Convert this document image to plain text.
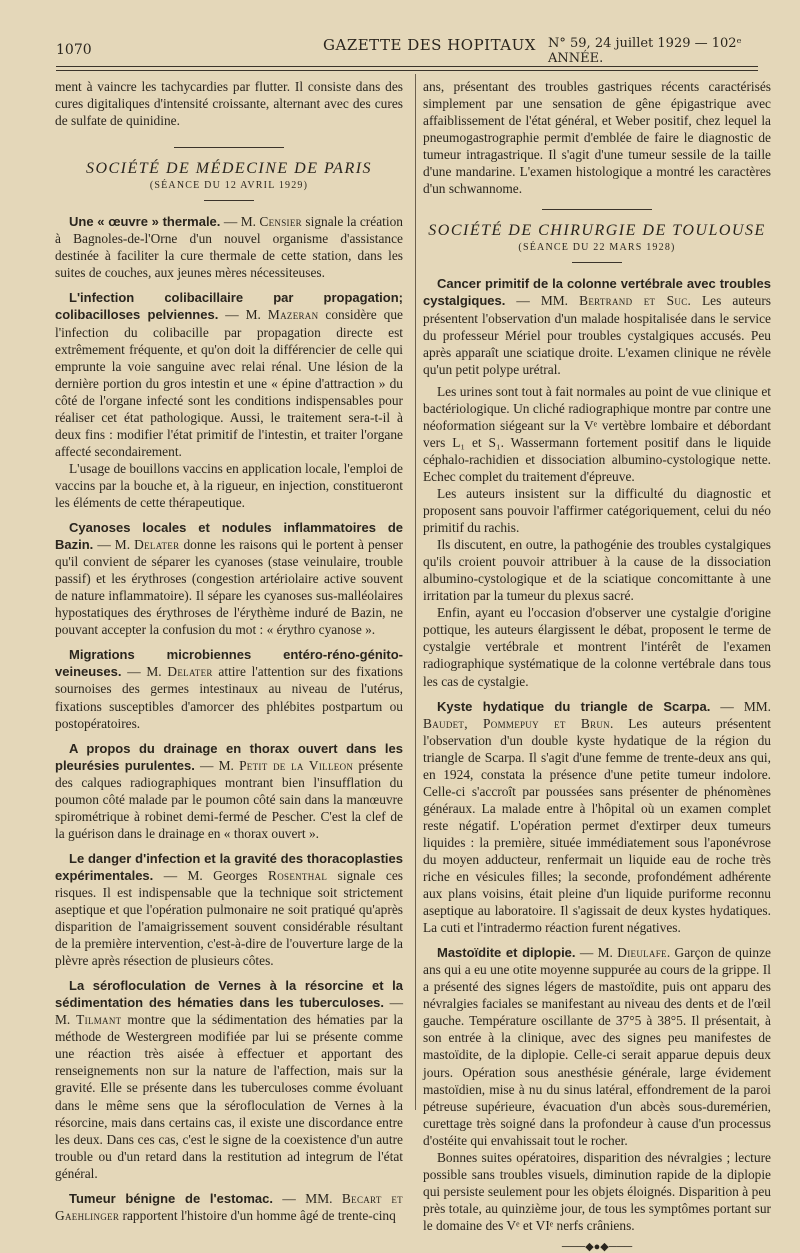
1070	GAZETTE DES HOPITAUX N° 59, 24 juillet 1929 — 102ᵉ ANNÉE.

ment à vaincre les tachycardies par flutter. Il consiste dans des cures digitaliques d'intensité croissante, alternant avec des cures de sulfate de quinidine.

SOCIÉTÉ DE MÉDECINE DE PARIS

(SÉANCE DU 12 AVRIL 1929)

Une « œuvre » thermale. — M. Censier signale la création à Bagnoles-de-l'Orne d'un nouvel organisme d'assistance destinée à faciliter la cure thermale de cette station, dans les suites de couches, aux jeunes mères nécessiteuses.

L'infection colibacillaire par propagation; colibacilloses pelviennes. — M. Mazeran considère que l'infection du colibacille par propagation directe est extrêmement fréquente, et qu'on doit la différencier de celle qui emprunte la voie sanguine avec relai rénal. Une lésion de la dernière portion du gros intestin et une « épine d'attraction » du côté de l'organe infecté sont les conditions indispensables pour réaliser cet état pathologique. Aussi, le traitement sera-t-il à deux fins : modifier l'état primitif de l'intestin, et traiter l'organe affecté secondairement.

L'usage de bouillons vaccins en application locale, l'emploi de vaccins par la bouche et, à la rigueur, en injection, constitueront les éléments de cette thérapeutique.

Cyanoses locales et nodules inflammatoires de Bazin. — M. Delater donne les raisons qui le portent à penser qu'il convient de séparer les cyanoses (stase veinulaire, trouble passif) et les érythroses (congestion artériolaire active souvent de nature inflammatoire). Il sépare les cyanoses sus-malléolaires hypostatiques des érythroses de l'érythème induré de Bazin, ne pouvant accepter la confusion du mot : « érythro cyanose ».

Migrations microbiennes entéro-réno-génito-veineuses. — M. Delater attire l'attention sur des fixations sournoises des germes intestinaux au niveau de l'utérus, fixations susceptibles d'amorcer des phlébites postpartum ou postopératoires.

A propos du drainage en thorax ouvert dans les pleurésies purulentes. — M. Petit de la Villeon présente des calques radiographiques montrant bien l'insufflation du poumon côté malade par le poumon côté sain dans la manœuvre spirométrique à robinet demi-fermé de Pescher. C'est la clef de la guérison dans le drainage en « thorax ouvert ».

Le danger d'infection et la gravité des thoracoplasties expérimentales. — M. Georges Rosenthal signale ces risques. Il est indispensable que la technique soit strictement aseptique et que l'opération pulmonaire ne soit pratiqué qu'après disparition de l'amaigrissement souvent considérable résultant de la première intervention, c'est-à-dire de l'ouverture large de la plèvre après résection de plusieurs côtes.

La sérofloculation de Vernes à la résorcine et la sédimentation des hématies dans les tuberculoses. — M. Tilmant montre que la sédimentation des hématies par la méthode de Westergreen modifiée par lui se présente comme une réaction très aisée à effectuer et apportant des renseignements non sur la nature de l'affection, mais sur la gravité. Elle se présente dans les tuberculoses comme évoluant dans le même sens que la sérofloculation de Vernes à la résorcine, mais dans certains cas, il existe une discordance entre les deux. Dans ces cas, c'est le signe de la coexistence d'un autre trouble ou d'un retard dans la restitution ad integrum de l'état général.

Tumeur bénigne de l'estomac. — MM. Becart et Gaehlinger rapportent l'histoire d'un homme âgé de trente-cinq

ans, présentant des troubles gastriques récents caractérisés simplement par une sensation de gêne épigastrique avec affaiblissement de l'état général, et Weber positif, chez lequel la pneumogastrographie permit d'emblée de faire le diagnostic de tumeur intragastrique. Il s'agit d'une tumeur sessile de la taille d'une mandarine. L'examen histologique a montré les caractères d'un schwannome.

SOCIÉTÉ DE CHIRURGIE DE TOULOUSE

(SÉANCE DU 22 MARS 1928)

Cancer primitif de la colonne vertébrale avec troubles cystalgiques. — MM. Bertrand et Suc. Les auteurs présentent l'observation d'un malade hospitalisée dans le service du professeur Mériel pour troubles cystalgiques accusés. Peu après apparaît une sciatique droite. L'examen clinique ne révèle qu'un petit polype urétral.

Les urines sont tout à fait normales au point de vue clinique et bactériologique. Un cliché radiographique montre par contre une néoformation siégeant sur la Vᵉ vertèbre lombaire et débordant vers L₁ et S₁. Wassermann fortement positif dans le liquide céphalo-rachidien et dissociation albumino-cystologique nette. Echec complet du traitement d'épreuve.

Les auteurs insistent sur la difficulté du diagnostic et proposent sans pouvoir l'affirmer catégoriquement, celui du néo primitif du rachis.

Ils discutent, en outre, la pathogénie des troubles cystalgiques qu'ils croient pouvoir attribuer à la cause de la dissociation albumino-cystologique et de la sciatique concomittante à une irritation par la tumeur du plexus sacré.

Enfin, ayant eu l'occasion d'observer une cystalgie d'origine pottique, les auteurs élargissent le débat, proposent le terme de cystalgie vertébrale et montrent l'intérêt de l'examen radiographique systématique de la colonne vertébrale dans tous les cas de cystalgie.

Kyste hydatique du triangle de Scarpa. — MM. Baudet, Pommepuy et Brun. Les auteurs présentent l'observation d'un double kyste hydatique de la région du triangle de Scarpa. Il s'agit d'une femme de trente-deux ans qui, en 1924, constata la présence d'une petite tumeur indolore. Celle-ci s'accroît par poussées sans présenter de phénomènes généraux. La malade entre à l'hôpital où un examen complet reste négatif. L'opération permet d'extirper deux tumeurs liquides : la première, située immédiatement sous l'aponévrose du moyen adducteur, renfermait un liquide eau de roche très riche en vésicules filles; la seconde, profondément adhérente aux plans voisins, était pleine d'un liquide puriforme reconnu aseptique au laboratoire. Il s'agissait de deux kystes hydatiques. La cuti et l'intradermo réaction furent négatives.

Mastoïdite et diplopie. — M. Dieulafe. Garçon de quinze ans qui a eu une otite moyenne suppurée au cours de la grippe. Il a présenté des signes légers de mastoïdite, puis ont apparu des névralgies faciales se manifestant au niveau des dents et de l'œil gauche. Température oscillante de 37°5 à 38°5. Il présentait, à son entrée à la clinique, avec des signes peu manifestes de mastoïdite, de la diplopie. Celle-ci serait apparue depuis deux jours. Opération sous anesthésie générale, large évidement mastoïdien, mise à nu du sinus latéral, effondrement de la paroi pétreuse supérieure, évacuation d'un abcès sous-duremérien, curettage très soigné dans la profondeur à cause d'un processus d'ostéite qui envahissait tout le rocher.

Bonnes suites opératoires, disparition des névralgies ; lecture possible sans troubles visuels, diminution rapide de la diplopie qui persiste seulement pour les objets éloignés. Disparition à peu près totale, au quinzième jour, de tous les symptômes portant sur le domaine des Vᵉ et VIᵉ nerfs crâniens.

───◆●◆───
